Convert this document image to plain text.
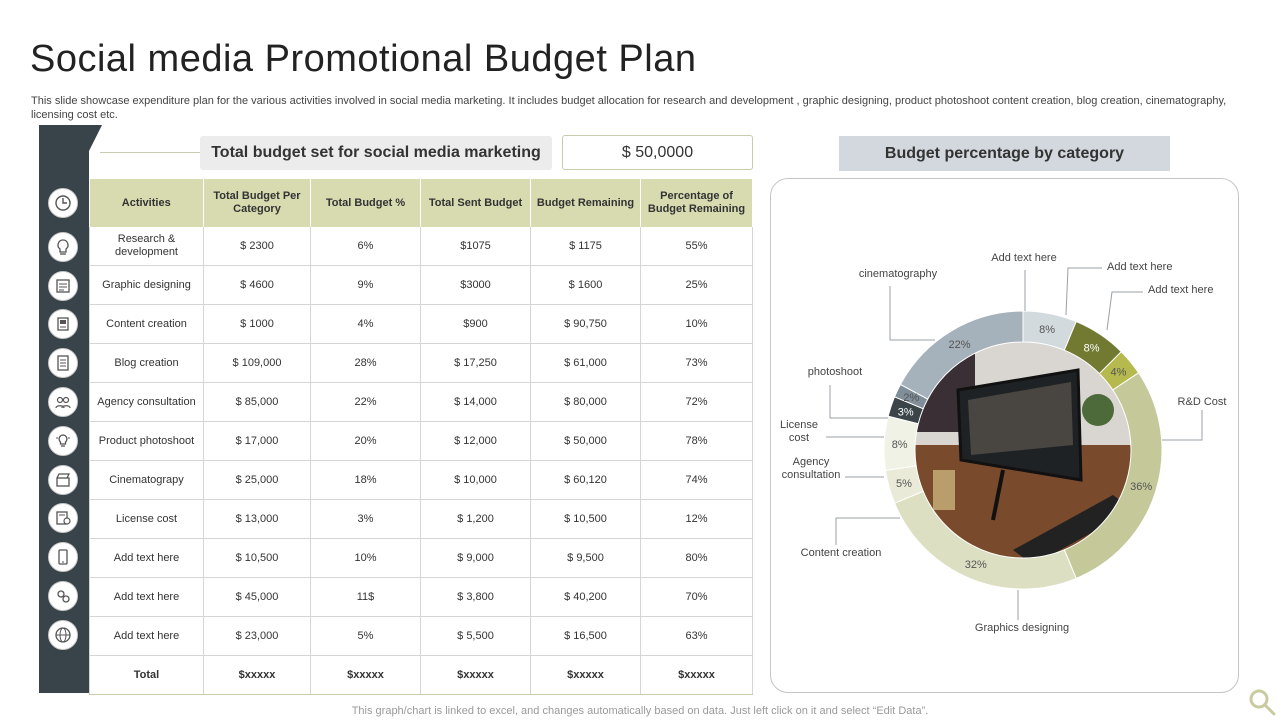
Social media Promotional Budget Plan
This slide showcase expenditure plan for the various activities involved in social media marketing. It includes budget allocation for research and development , graphic designing, product photoshoot content creation, blog creation, cinematography, licensing cost etc.
Total budget set for social media marketing	$ 50,0000
Activities	Total Budget Per Category	Total Budget %	Total Sent Budget	Budget Remaining	Percentage of Budget Remaining
Research & development	$ 2300	6%	$1075	$ 1175	55%
Graphic designing	$ 4600	9%	$3000	$ 1600	25%
Content creation	$ 1000	4%	$900	$ 90,750	10%
Blog creation	$ 109,000	28%	$ 17,250	$ 61,000	73%
Agency consultation	$ 85,000	22%	$ 14,000	$ 80,000	72%
Product photoshoot	$ 17,000	20%	$ 12,000	$ 50,000	78%
Cinematograpy	$ 25,000	18%	$ 10,000	$ 60,120	74%
License cost	$ 13,000	3%	$ 1,200	$ 10,500	12%
Add text here	$ 10,500	10%	$ 9,000	$ 9,500	80%
Add text here	$ 45,000	11$	$ 3,800	$ 40,200	70%
Add text here	$ 23,000	5%	$ 5,500	$ 16,500	63%
Total	$xxxxx	$xxxxx	$xxxxx	$xxxxx	$xxxxx
Budget percentage by category
8%
8%
4%
36%
32%
5%
8%
3%
2%
22%
R&D Cost
Graphics designing
Content creation
Agency consultation
License cost
photoshoot
cinematography
Add text here
Add text here
Add text here
This graph/chart is linked to excel, and changes automatically based on data. Just left click on it and select “Edit Data”.
